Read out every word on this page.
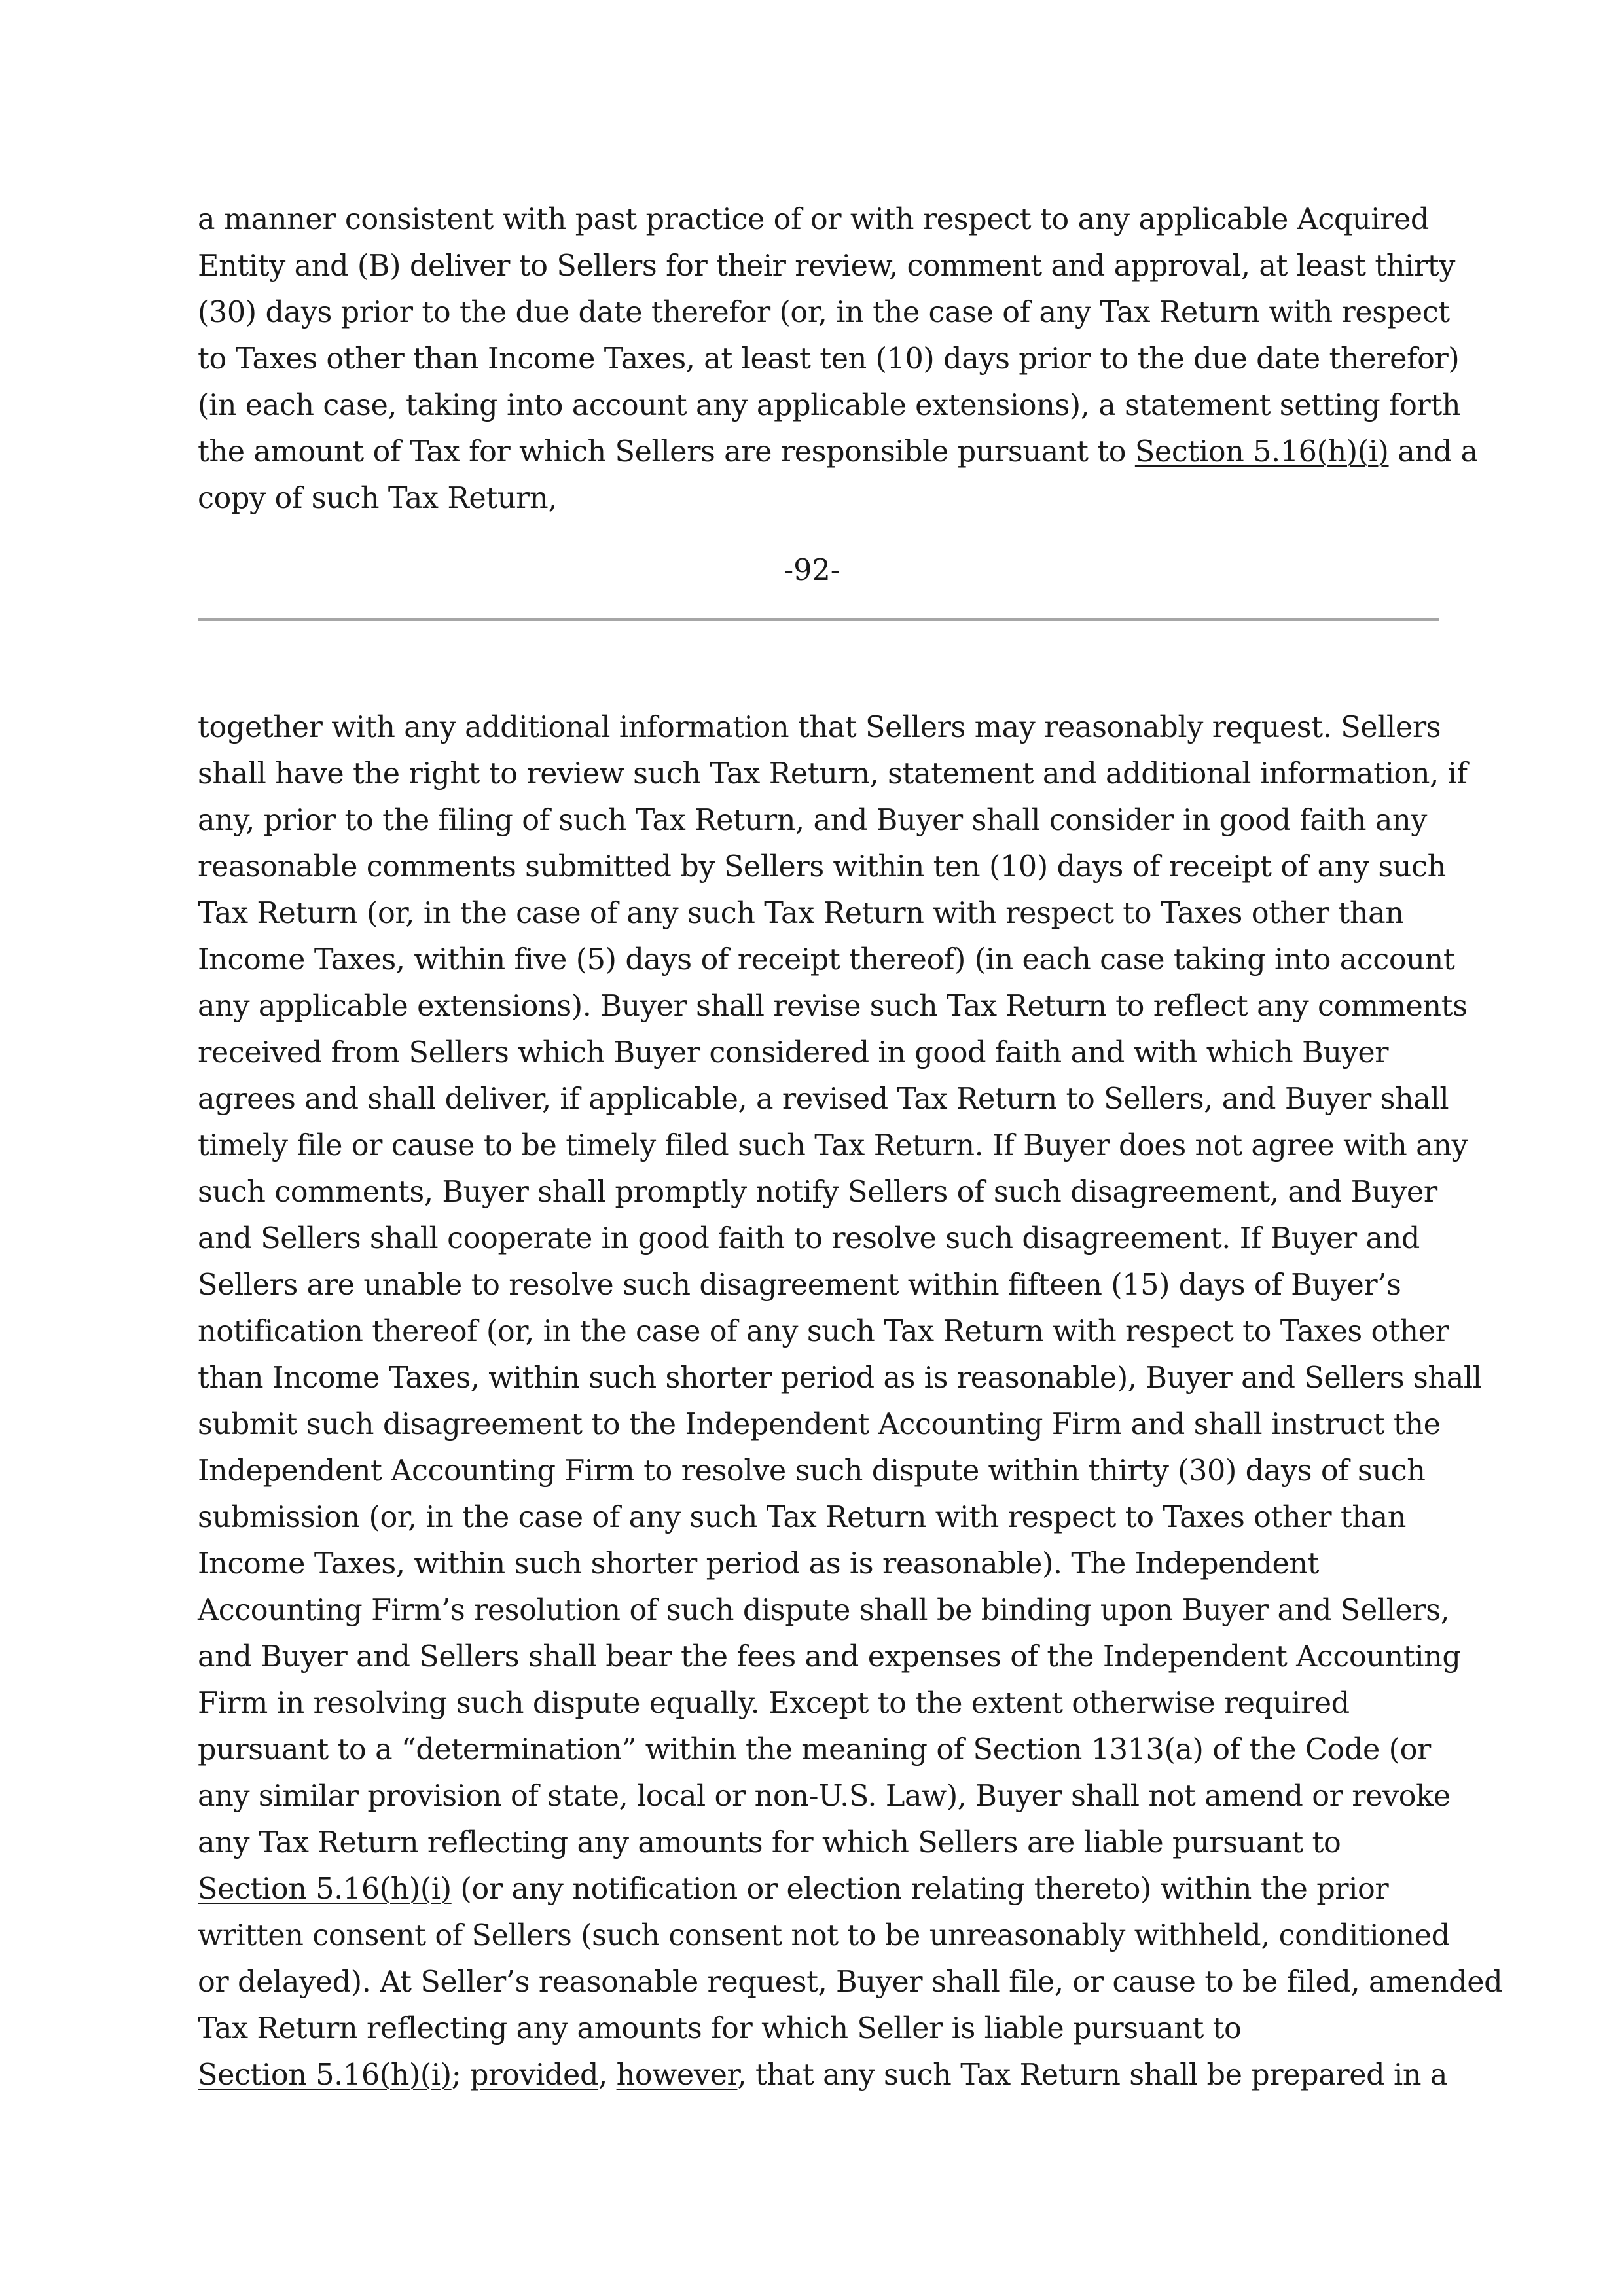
a manner consistent with past practice of or with respect to any applicable Acquired
Entity and (B) deliver to Sellers for their review, comment and approval, at least thirty
(30) days prior to the due date therefor (or, in the case of any Tax Return with respect
to Taxes other than Income Taxes, at least ten (10) days prior to the due date therefor)
(in each case, taking into account any applicable extensions), a statement setting forth
the amount of Tax for which Sellers are responsible pursuant to Section 5.16(h)(i) and a
copy of such Tax Return,
-92-
together with any additional information that Sellers may reasonably request. Sellers
shall have the right to review such Tax Return, statement and additional information, if
any, prior to the filing of such Tax Return, and Buyer shall consider in good faith any
reasonable comments submitted by Sellers within ten (10) days of receipt of any such
Tax Return (or, in the case of any such Tax Return with respect to Taxes other than
Income Taxes, within five (5) days of receipt thereof) (in each case taking into account
any applicable extensions). Buyer shall revise such Tax Return to reflect any comments
received from Sellers which Buyer considered in good faith and with which Buyer
agrees and shall deliver, if applicable, a revised Tax Return to Sellers, and Buyer shall
timely file or cause to be timely filed such Tax Return. If Buyer does not agree with any
such comments, Buyer shall promptly notify Sellers of such disagreement, and Buyer
and Sellers shall cooperate in good faith to resolve such disagreement. If Buyer and
Sellers are unable to resolve such disagreement within fifteen (15) days of Buyer’s
notification thereof (or, in the case of any such Tax Return with respect to Taxes other
than Income Taxes, within such shorter period as is reasonable), Buyer and Sellers shall
submit such disagreement to the Independent Accounting Firm and shall instruct the
Independent Accounting Firm to resolve such dispute within thirty (30) days of such
submission (or, in the case of any such Tax Return with respect to Taxes other than
Income Taxes, within such shorter period as is reasonable). The Independent
Accounting Firm’s resolution of such dispute shall be binding upon Buyer and Sellers,
and Buyer and Sellers shall bear the fees and expenses of the Independent Accounting
Firm in resolving such dispute equally. Except to the extent otherwise required
pursuant to a “determination” within the meaning of Section 1313(a) of the Code (or
any similar provision of state, local or non-U.S. Law), Buyer shall not amend or revoke
any Tax Return reflecting any amounts for which Sellers are liable pursuant to
Section 5.16(h)(i) (or any notification or election relating thereto) within the prior
written consent of Sellers (such consent not to be unreasonably withheld, conditioned
or delayed). At Seller’s reasonable request, Buyer shall file, or cause to be filed, amended
Tax Return reflecting any amounts for which Seller is liable pursuant to
Section 5.16(h)(i); provided, however, that any such Tax Return shall be prepared in a
